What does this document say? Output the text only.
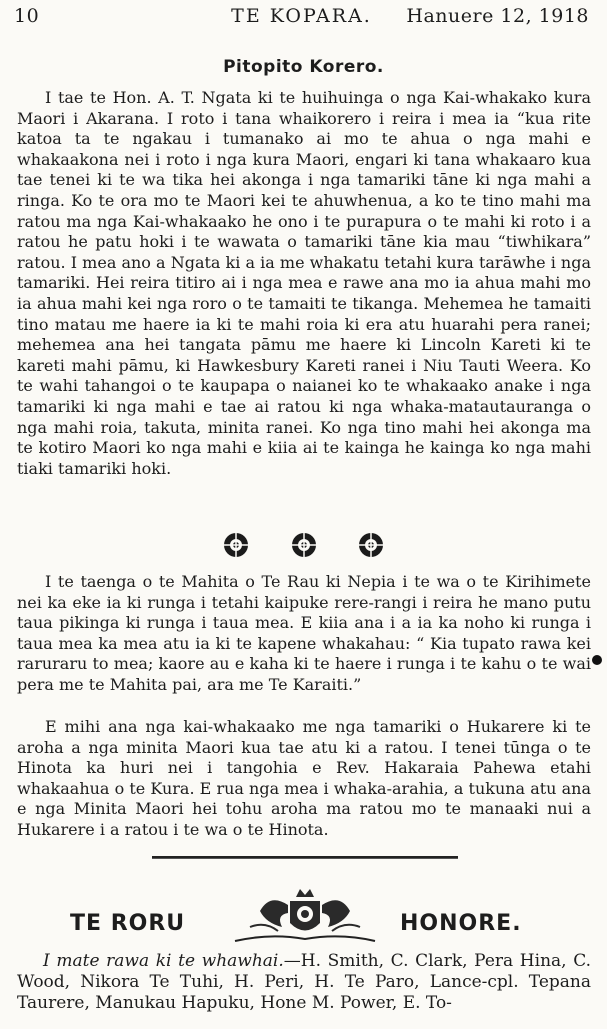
10	TE KOPARA.	Hanuere 12, 1918
Pitopito Korero.

I tae te Hon. A. T. Ngata ki te huihuinga o nga Kai-whakako kura Maori i Akarana. I roto i tana whaikorero i reira i mea ia “kua rite katoa ta te ngakau i tumanako ai mo te ahua o nga mahi e whakaakona nei i roto i nga kura Maori, engari ki tana whakaaro kua tae tenei ki te wa tika hei akonga i nga tamariki tāne ki nga mahi a ringa. Ko te ora mo te Maori kei te ahuwhenua, a ko te tino mahi ma ratou ma nga Kai-whakaako he ono i te purapura o te mahi ki roto i a ratou he patu hoki i te wawata o tamariki tāne kia mau “tiwhikara” ratou. I mea ano a Ngata ki a ia me whakatu tetahi kura tarāwhe i nga tamariki. Hei reira titiro ai i nga mea e rawe ana mo ia ahua mahi mo ia ahua mahi kei nga roro o te tamaiti te tikanga. Mehemea he tamaiti tino matau me haere ia ki te mahi roia ki era atu huarahi pera ranei; mehemea ana hei tangata pāmu me haere ki Lincoln Kareti ki te kareti mahi pāmu, ki Hawkesbury Kareti ranei i Niu Tauti Weera. Ko te wahi tahangoi o te kaupapa o naianei ko te whakaako anake i nga tamariki ki nga mahi e tae ai ratou ki nga whaka-matautauranga o nga mahi roia, takuta, minita ranei. Ko nga tino mahi hei akonga ma te kotiro Maori ko nga mahi e kiia ai te kainga he kainga ko nga mahi tiaki tamariki hoki.

I te taenga o te Mahita o Te Rau ki Nepia i te wa o te Kirihimete nei ka eke ia ki runga i tetahi kaipuke rere-rangi i reira he mano putu taua pikinga ki runga i taua mea. E kiia ana i a ia ka noho ki runga i taua mea ka mea atu ia ki te kapene whakahau: “ Kia tupato rawa kei raruraru to mea; kaore au e kaha ki te haere i runga i te kahu o te wai pera me te Mahita pai, ara me Te Karaiti.”

E mihi ana nga kai-whakaako me nga tamariki o Hukarere ki te aroha a nga minita Maori kua tae atu ki a ratou. I tenei tūnga o te Hinota ka huri nei i tangohia e Rev. Hakaraia Pahewa etahi whakaahua o te Kura. E rua nga mea i whaka-arahia, a tukuna atu ana e nga Minita Maori hei tohu aroha ma ratou mo te manaaki nui a Hukarere i a ratou i te wa o te Hinota.

TE RORU	HONORE.

I mate rawa ki te whawhai.—H. Smith, C. Clark, Pera Hina, C. Wood, Nikora Te Tuhi, H. Peri, H. Te Paro, Lance-cpl. Tepana Taurere, Manukau Hapuku, Hone M. Power, E. To-
